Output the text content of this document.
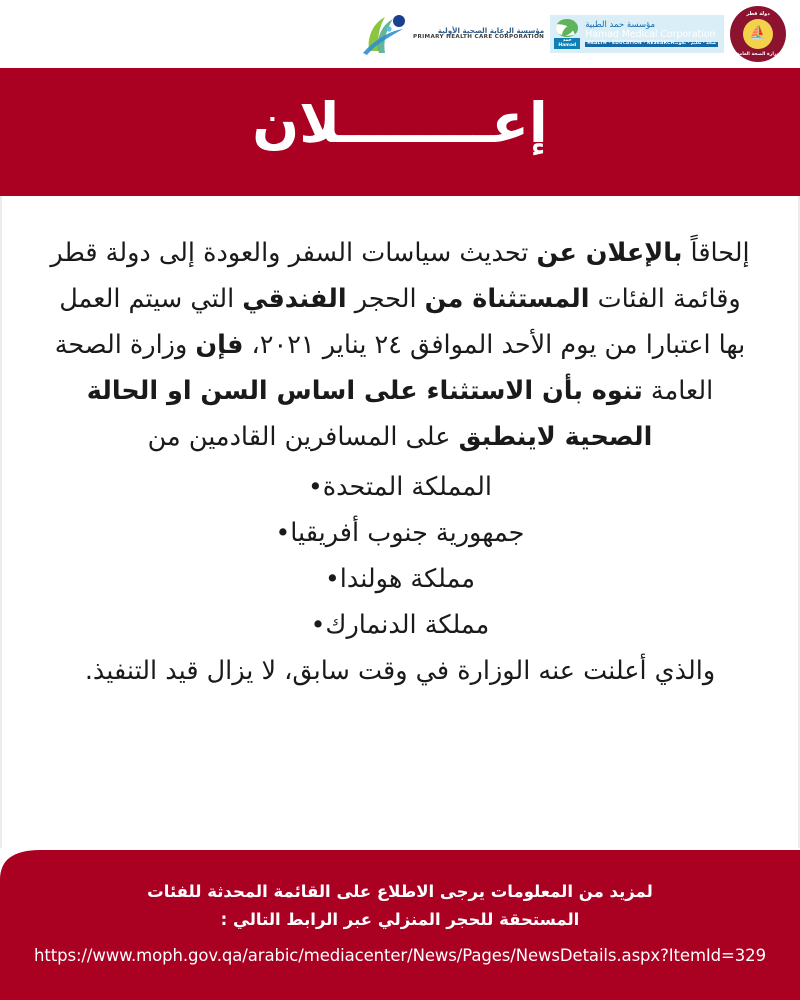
مؤسسة الرعاية الصحية الأولية
PRIMARY HEALTH CARE CORPORATION	حمد
Hamad
مؤسسة حمد الطبية
Hamad Medical Corporation
HEALTH · EDUCATION · RESEARCH صحة · تعليم · بحوث
دولة قطر
⛵
وزارة الصحة العامة
إعــــــــلان

إلحاقاً بالإعلان عن تحديث سياسات السفر والعودة إلى دولة قطر وقائمة الفئات المستثناة من الحجر الفندقي التي سيتم العمل بها اعتبارا من يوم الأحد الموافق ٢٤ يناير ٢٠٢١، فإن وزارة الصحة العامة تنوه بأن الاستثناء على اساس السن او الحالة الصحية لاينطبق على المسافرين القادمين من

المملكة المتحدة•
جمهورية جنوب أفريقيا•
مملكة هولندا•
مملكة الدنمارك•

والذي أعلنت عنه الوزارة في وقت سابق، لا يزال قيد التنفيذ.

لمزيد من المعلومات يرجى الاطلاع على القائمة المحدثة للفئات
المستحقة للحجر المنزلي عبر الرابط التالي :
https://www.moph.gov.qa/arabic/mediacenter/News/Pages/NewsDetails.aspx?ItemId=329
